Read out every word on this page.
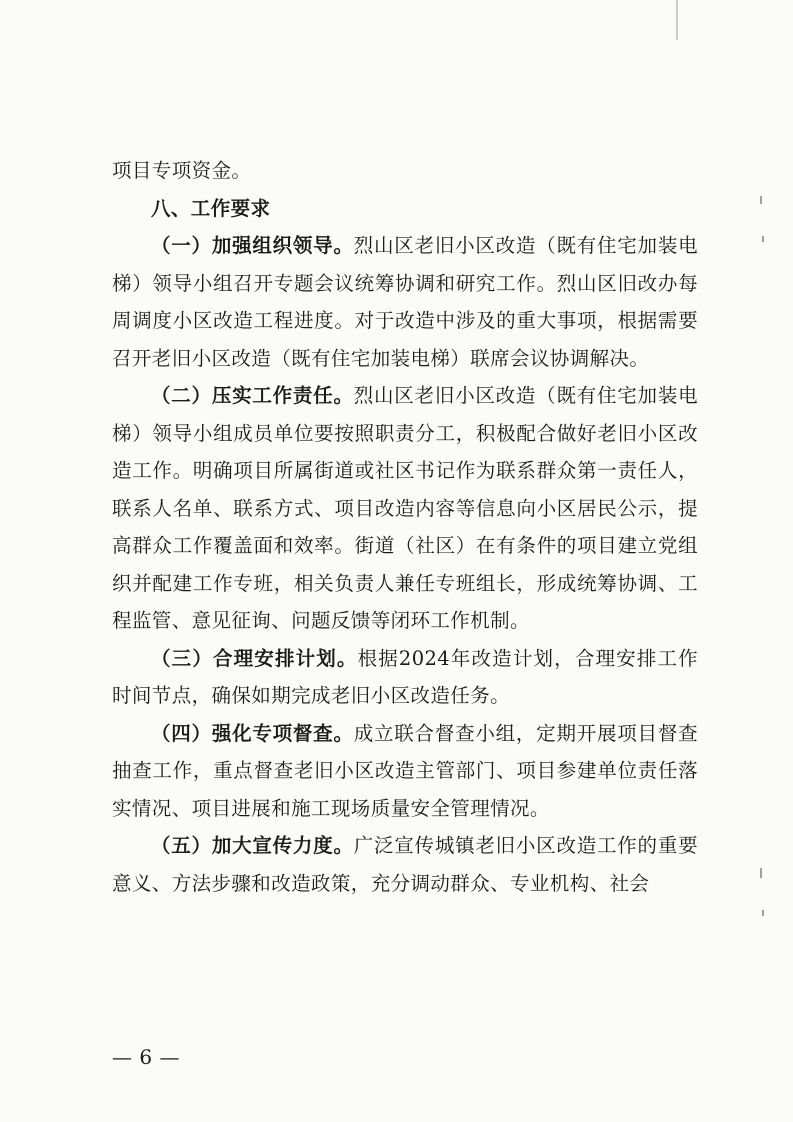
项目专项资金。

八、工作要求

（一）加强组织领导。烈山区老旧小区改造（既有住宅加装电梯）领导小组召开专题会议统筹协调和研究工作。烈山区旧改办每周调度小区改造工程进度。对于改造中涉及的重大事项，根据需要召开老旧小区改造（既有住宅加装电梯）联席会议协调解决。

（二）压实工作责任。烈山区老旧小区改造（既有住宅加装电梯）领导小组成员单位要按照职责分工，积极配合做好老旧小区改造工作。明确项目所属街道或社区书记作为联系群众第一责任人，联系人名单、联系方式、项目改造内容等信息向小区居民公示，提高群众工作覆盖面和效率。街道（社区）在有条件的项目建立党组织并配建工作专班，相关负责人兼任专班组长，形成统筹协调、工程监管、意见征询、问题反馈等闭环工作机制。

（三）合理安排计划。根据2024年改造计划，合理安排工作时间节点，确保如期完成老旧小区改造任务。

（四）强化专项督查。成立联合督查小组，定期开展项目督查抽查工作，重点督查老旧小区改造主管部门、项目参建单位责任落实情况、项目进展和施工现场质量安全管理情况。

（五）加大宣传力度。广泛宣传城镇老旧小区改造工作的重要意义、方法步骤和改造政策，充分调动群众、专业机构、社会

— 6 —
